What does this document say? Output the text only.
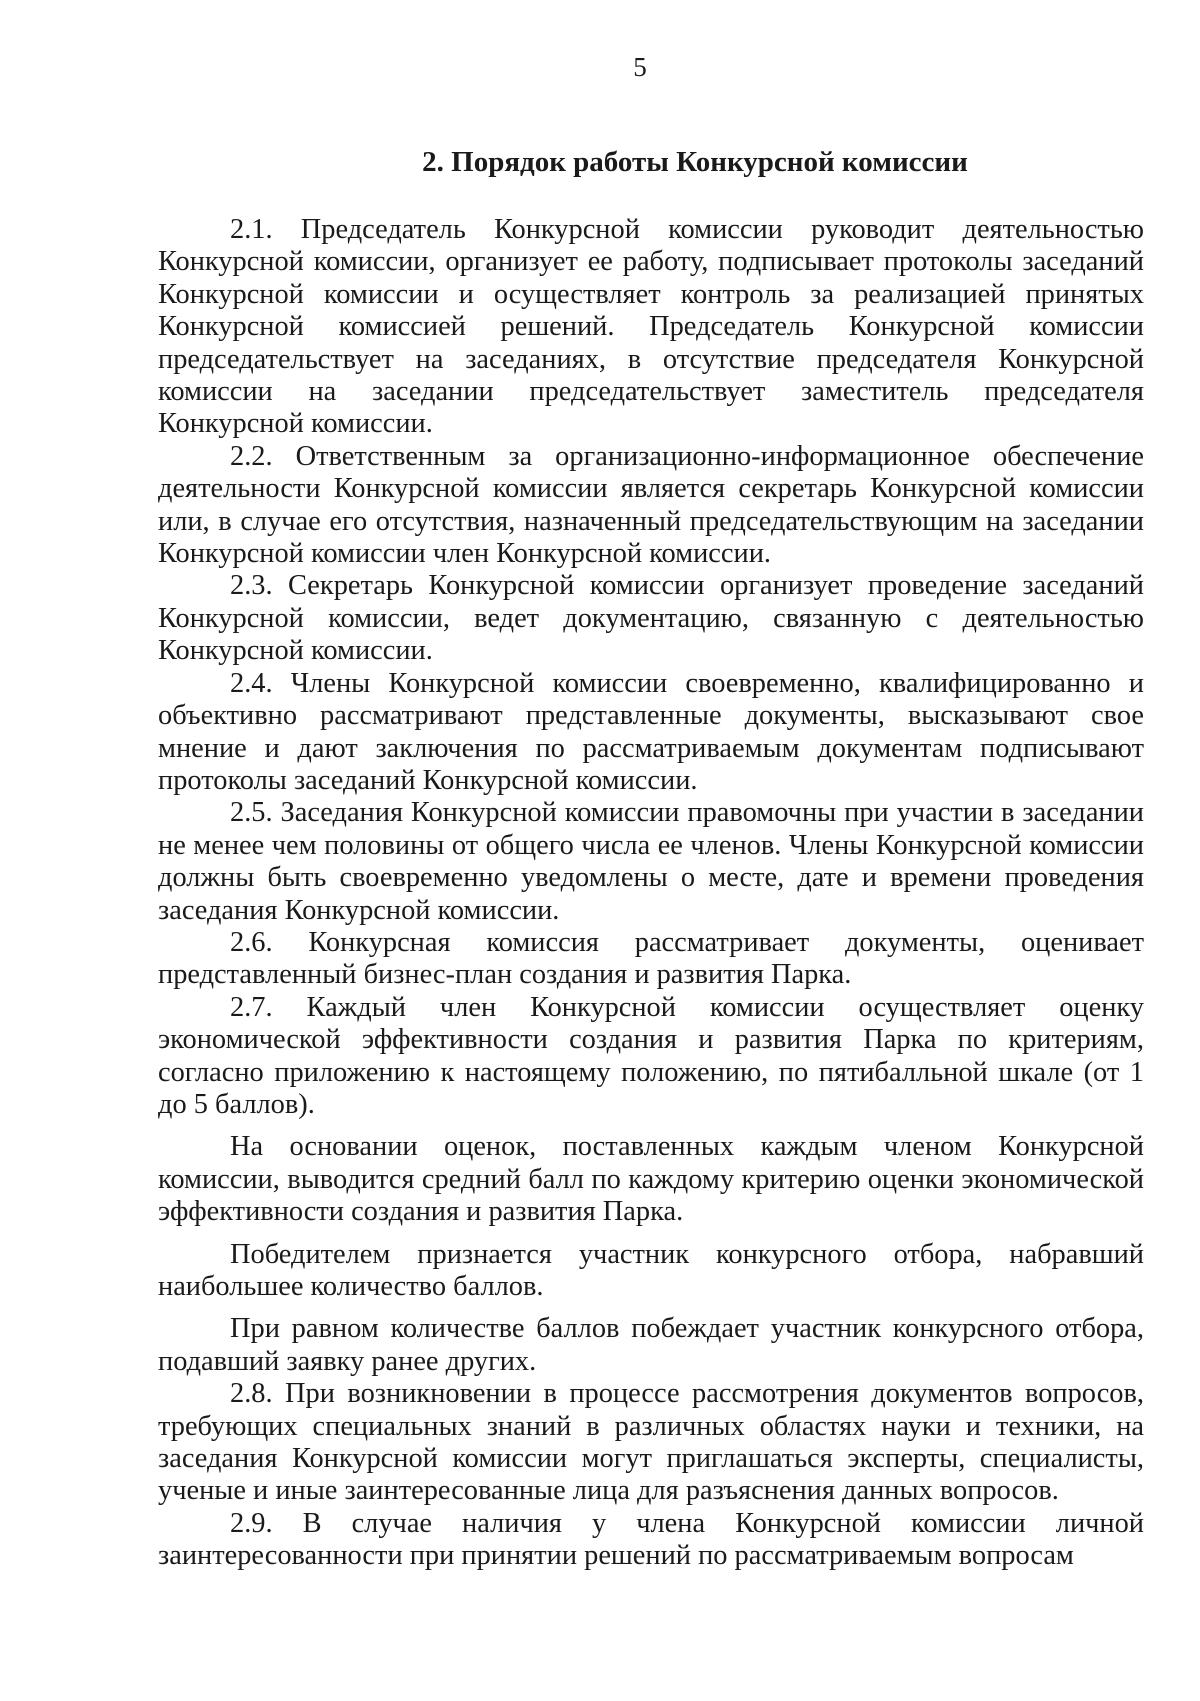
5
2. Порядок работы Конкурсной комиссии

2.1. Председатель Конкурсной комиссии руководит деятельностью Конкурсной комиссии, организует ее работу, подписывает протоколы заседаний Конкурсной комиссии и осуществляет контроль за реализацией принятых Конкурсной комиссией решений. Председатель Конкурсной комиссии председательствует на заседаниях, в отсутствие председателя Конкурсной комиссии на заседании председательствует заместитель председателя Конкурсной комиссии.

2.2. Ответственным за организационно-информационное обеспечение деятельности Конкурсной комиссии является секретарь Конкурсной комиссии или, в случае его отсутствия, назначенный председательствующим на заседании Конкурсной комиссии член Конкурсной комиссии.

2.3. Секретарь Конкурсной комиссии организует проведение заседаний Конкурсной комиссии, ведет документацию, связанную с деятельностью Конкурсной комиссии.

2.4. Члены Конкурсной комиссии своевременно, квалифицированно и объективно рассматривают представленные документы, высказывают свое мнение и дают заключения по рассматриваемым документам подписывают протоколы заседаний Конкурсной комиссии.

2.5. Заседания Конкурсной комиссии правомочны при участии в заседании не менее чем половины от общего числа ее членов. Члены Конкурсной комиссии должны быть своевременно уведомлены о месте, дате и времени проведения заседания Конкурсной комиссии.

2.6. Конкурсная комиссия рассматривает документы, оценивает представленный бизнес-план создания и развития Парка.

2.7. Каждый член Конкурсной комиссии осуществляет оценку экономической эффективности создания и развития Парка по критериям, согласно приложению к настоящему положению, по пятибалльной шкале (от 1 до 5 баллов).

На основании оценок, поставленных каждым членом Конкурсной комиссии, выводится средний балл по каждому критерию оценки экономической эффективности создания и развития Парка.

Победителем признается участник конкурсного отбора, набравший наибольшее количество баллов.

При равном количестве баллов побеждает участник конкурсного отбора, подавший заявку ранее других.

2.8. При возникновении в процессе рассмотрения документов вопросов, требующих специальных знаний в различных областях науки и техники, на заседания Конкурсной комиссии могут приглашаться эксперты, специалисты, ученые и иные заинтересованные лица для разъяснения данных вопросов.

2.9. В случае наличия у члена Конкурсной комиссии личной заинтересованности при принятии решений по рассматриваемым вопросам
